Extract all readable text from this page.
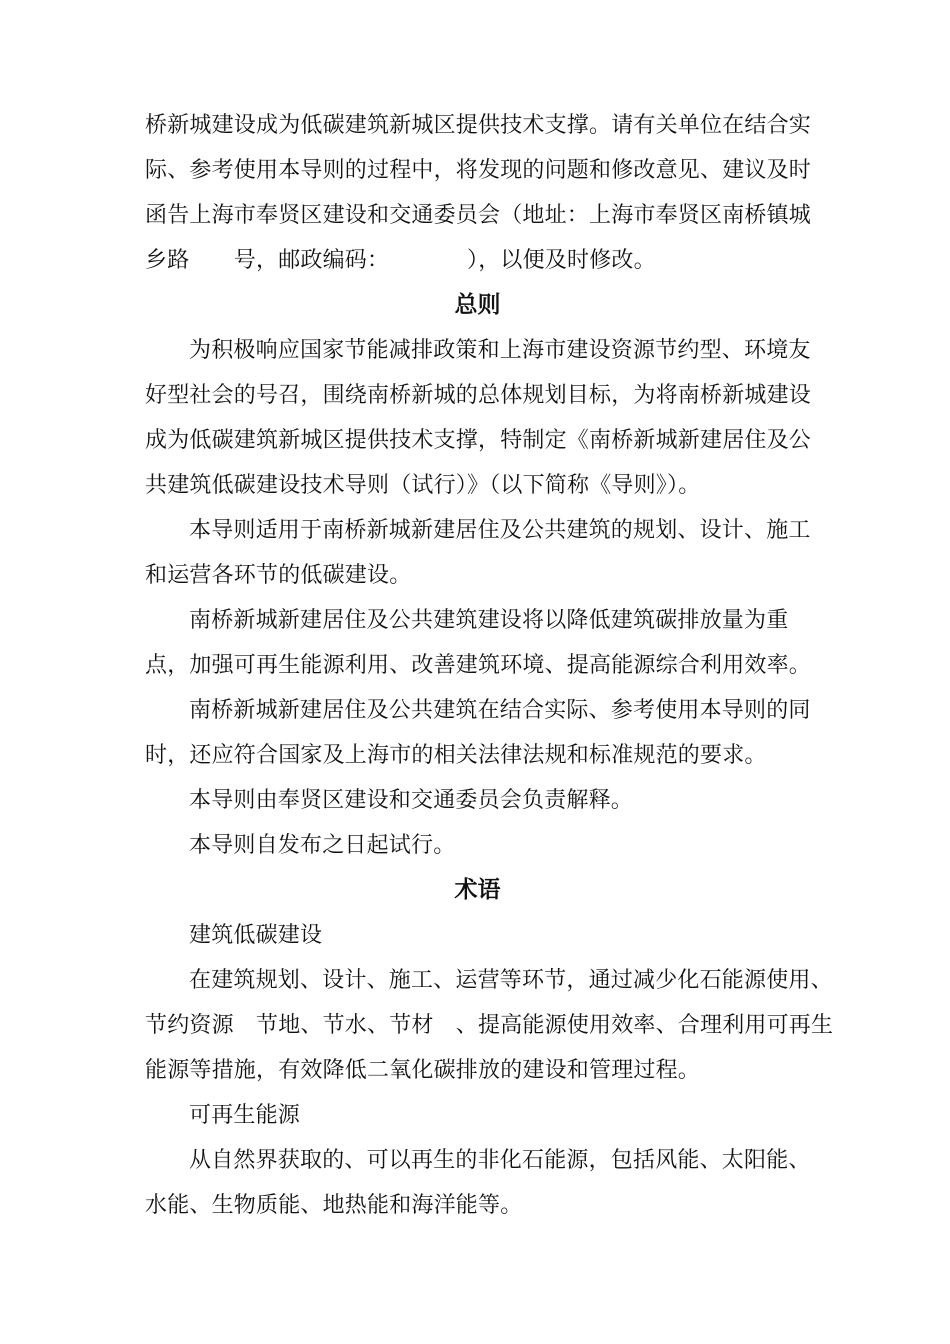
桥新城建设成为低碳建筑新城区提供技术支撑。请有关单位在结合实
际、参考使用本导则的过程中，将发现的问题和修改意见、建议及时
函告上海市奉贤区建设和交通委员会（地址：上海市奉贤区南桥镇城
乡路　　号，邮政编码：　　　　），以便及时修改。
总则
为积极响应国家节能减排政策和上海市建设资源节约型、环境友
好型社会的号召，围绕南桥新城的总体规划目标，为将南桥新城建设
成为低碳建筑新城区提供技术支撑，特制定《南桥新城新建居住及公
共建筑低碳建设技术导则（试行）》（以下简称《导则》）。
本导则适用于南桥新城新建居住及公共建筑的规划、设计、施工
和运营各环节的低碳建设。
南桥新城新建居住及公共建筑建设将以降低建筑碳排放量为重
点，加强可再生能源利用、改善建筑环境、提高能源综合利用效率。
南桥新城新建居住及公共建筑在结合实际、参考使用本导则的同
时，还应符合国家及上海市的相关法律法规和标准规范的要求。
本导则由奉贤区建设和交通委员会负责解释。
本导则自发布之日起试行。
术语
建筑低碳建设
在建筑规划、设计、施工、运营等环节，通过减少化石能源使用、
节约资源　节地、节水、节材　、提高能源使用效率、合理利用可再生
能源等措施，有效降低二氧化碳排放的建设和管理过程。
可再生能源
从自然界获取的、可以再生的非化石能源，包括风能、太阳能、
水能、生物质能、地热能和海洋能等。
